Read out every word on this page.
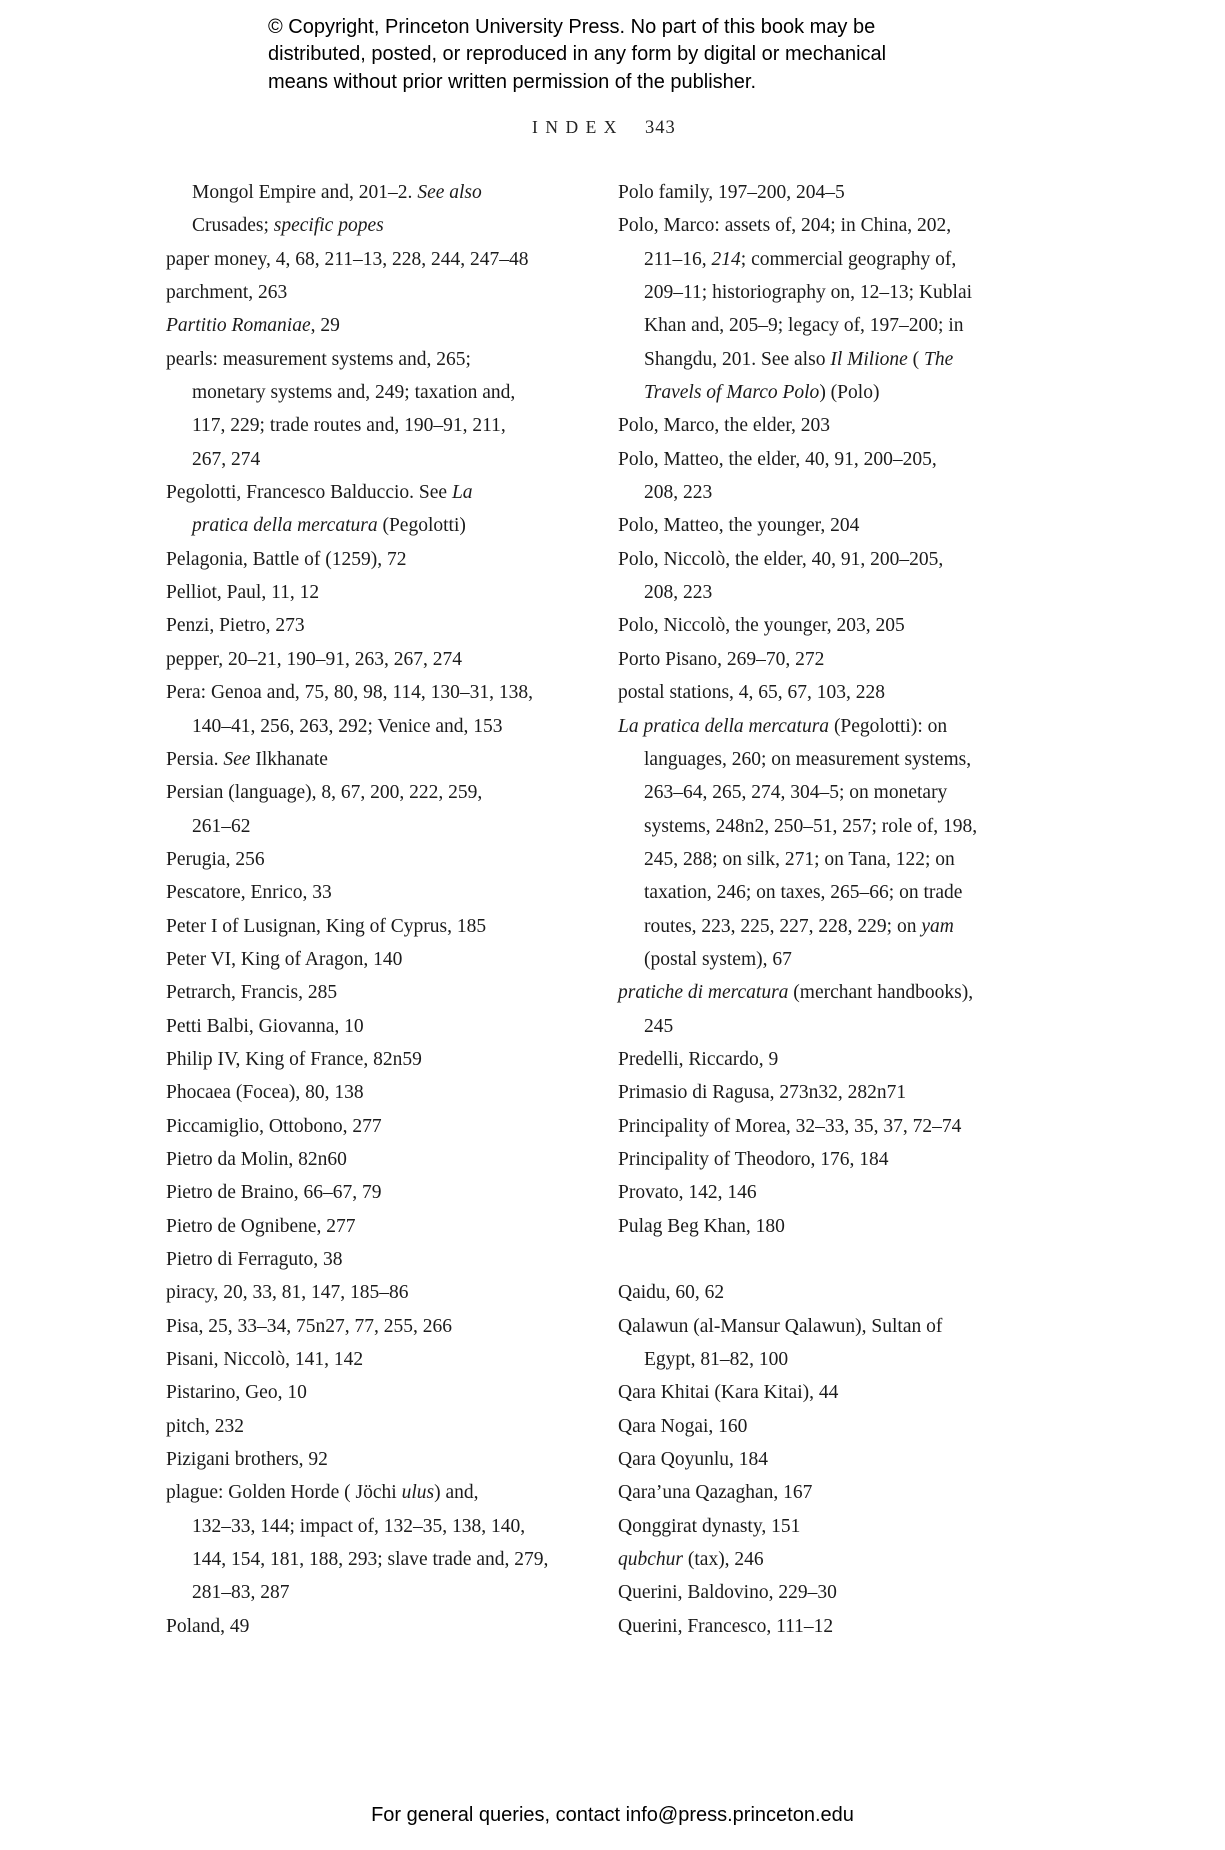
© Copyright, Princeton University Press. No part of this book may be
distributed, posted, or reproduced in any form by digital or mechanical
means without prior written permission of the publisher.
INDEX 343
Mongol Empire and, 201–2. See also
Crusades; specific popes
paper money, 4, 68, 211–13, 228, 244, 247–48
parchment, 263
Partitio Romaniae, 29
pearls: measurement systems and, 265;
monetary systems and, 249; taxation and,
117, 229; trade routes and, 190–91, 211,
267, 274
Pegolotti, Francesco Balduccio. See La
pratica della mercatura (Pegolotti)
Pelagonia, Battle of (1259), 72
Pelliot, Paul, 11, 12
Penzi, Pietro, 273
pepper, 20–21, 190–91, 263, 267, 274
Pera: Genoa and, 75, 80, 98, 114, 130–31, 138,
140–41, 256, 263, 292; Venice and, 153
Persia. See Ilkhanate
Persian (language), 8, 67, 200, 222, 259,
261–62
Perugia, 256
Pescatore, Enrico, 33
Peter I of Lusignan, King of Cyprus, 185
Peter VI, King of Aragon, 140
Petrarch, Francis, 285
Petti Balbi, Giovanna, 10
Philip IV, King of France, 82n59
Phocaea (Focea), 80, 138
Piccamiglio, Ottobono, 277
Pietro da Molin, 82n60
Pietro de Braino, 66–67, 79
Pietro de Ognibene, 277
Pietro di Ferraguto, 38
piracy, 20, 33, 81, 147, 185–86
Pisa, 25, 33–34, 75n27, 77, 255, 266
Pisani, Niccolò, 141, 142
Pistarino, Geo, 10
pitch, 232
Pizigani brothers, 92
plague: Golden Horde ( Jöchi ulus) and,
132–33, 144; impact of, 132–35, 138, 140,
144, 154, 181, 188, 293; slave trade and, 279,
281–83, 287
Poland, 49
Polo family, 197–200, 204–5
Polo, Marco: assets of, 204; in China, 202,
211–16, 214; commercial geography of,
209–11; historiography on, 12–13; Kublai
Khan and, 205–9; legacy of, 197–200; in
Shangdu, 201. See also Il Milione ( The
Travels of Marco Polo) (Polo)
Polo, Marco, the elder, 203
Polo, Matteo, the elder, 40, 91, 200–205,
208, 223
Polo, Matteo, the younger, 204
Polo, Niccolò, the elder, 40, 91, 200–205,
208, 223
Polo, Niccolò, the younger, 203, 205
Porto Pisano, 269–70, 272
postal stations, 4, 65, 67, 103, 228
La pratica della mercatura (Pegolotti): on
languages, 260; on measurement systems,
263–64, 265, 274, 304–5; on monetary
systems, 248n2, 250–51, 257; role of, 198,
245, 288; on silk, 271; on Tana, 122; on
taxation, 246; on taxes, 265–66; on trade
routes, 223, 225, 227, 228, 229; on yam
(postal system), 67
pratiche di mercatura (merchant handbooks),
245
Predelli, Riccardo, 9
Primasio di Ragusa, 273n32, 282n71
Principality of Morea, 32–33, 35, 37, 72–74
Principality of Theodoro, 176, 184
Provato, 142, 146
Pulag Beg Khan, 180
Qaidu, 60, 62
Qalawun (al-Mansur Qalawun), Sultan of
Egypt, 81–82, 100
Qara Khitai (Kara Kitai), 44
Qara Nogai, 160
Qara Qoyunlu, 184
Qara’una Qazaghan, 167
Qonggirat dynasty, 151
qubchur (tax), 246
Querini, Baldovino, 229–30
Querini, Francesco, 111–12
For general queries, contact info@press.princeton.edu
